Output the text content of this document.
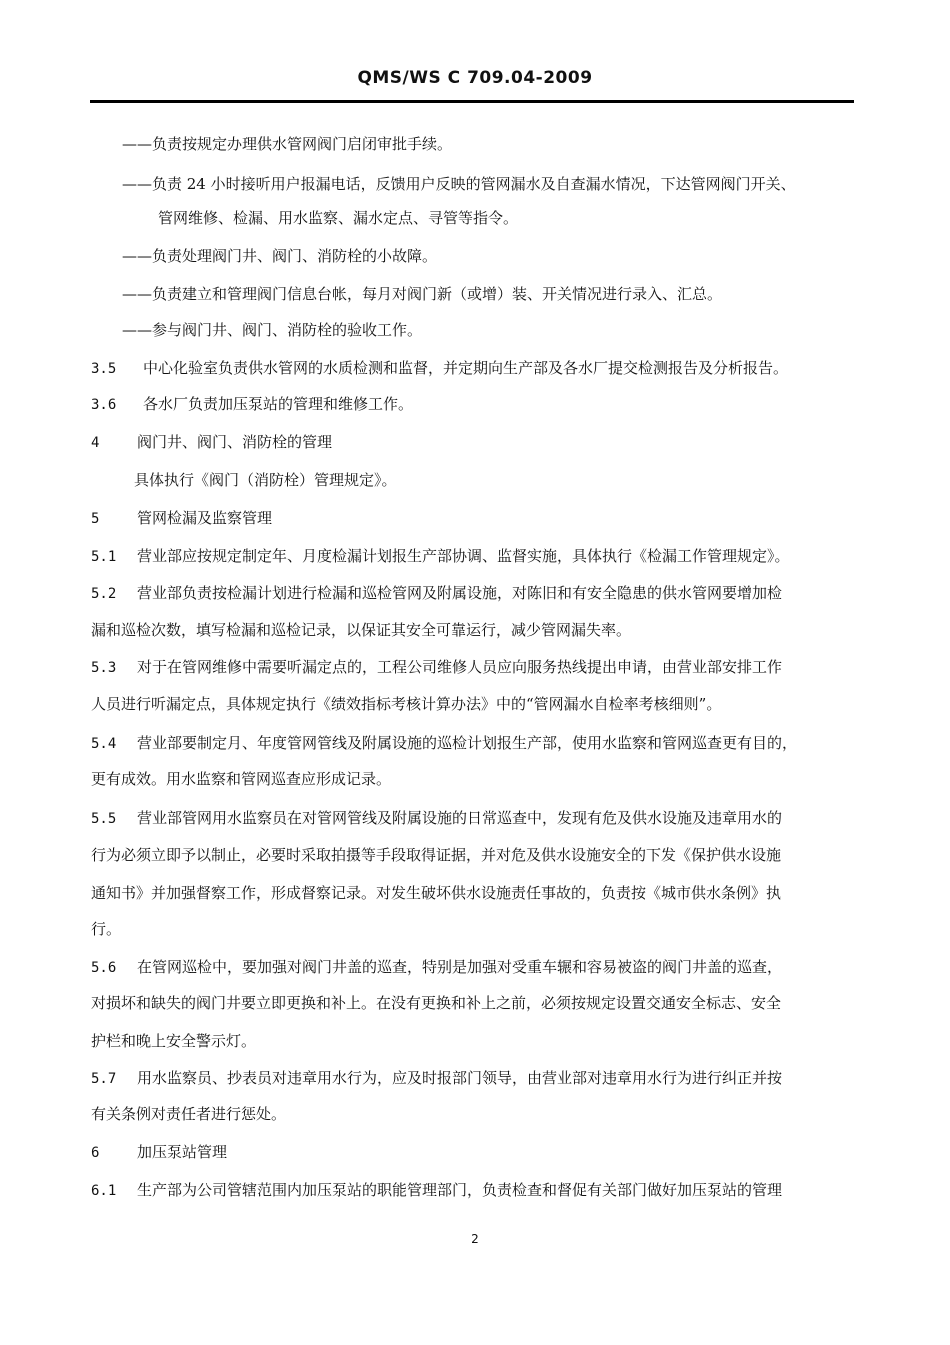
QMS/WS C 709.04-2009
——负责按规定办理供水管网阀门启闭审批手续。
——负责 24 小时接听用户报漏电话，反馈用户反映的管网漏水及自查漏水情况，下达管网阀门开关、
管网维修、检漏、用水监察、漏水定点、寻管等指令。
——负责处理阀门井、阀门、消防栓的小故障。
——负责建立和管理阀门信息台帐，每月对阀门新（或增）装、开关情况进行录入、汇总。
——参与阀门井、阀门、消防栓的验收工作。
3.5 中心化验室负责供水管网的水质检测和监督，并定期向生产部及各水厂提交检测报告及分析报告。
3.6 各水厂负责加压泵站的管理和维修工作。
4	阀门井、阀门、消防栓的管理
具体执行《阀门（消防栓）管理规定》。
5	管网检漏及监察管理
5.1 营业部应按规定制定年、月度检漏计划报生产部协调、监督实施，具体执行《检漏工作管理规定》。
5.2 营业部负责按检漏计划进行检漏和巡检管网及附属设施，对陈旧和有安全隐患的供水管网要增加检
漏和巡检次数，填写检漏和巡检记录，以保证其安全可靠运行，减少管网漏失率。
5.3 对于在管网维修中需要听漏定点的，工程公司维修人员应向服务热线提出申请，由营业部安排工作
人员进行听漏定点，具体规定执行《绩效指标考核计算办法》中的“管网漏水自检率考核细则”。
5.4 营业部要制定月、年度管网管线及附属设施的巡检计划报生产部，使用水监察和管网巡查更有目的，
更有成效。用水监察和管网巡查应形成记录。
5.5 营业部管网用水监察员在对管网管线及附属设施的日常巡查中，发现有危及供水设施及违章用水的
行为必须立即予以制止，必要时采取拍摄等手段取得证据，并对危及供水设施安全的下发《保护供水设施
通知书》并加强督察工作，形成督察记录。对发生破坏供水设施责任事故的，负责按《城市供水条例》执
行。
5.6 在管网巡检中，要加强对阀门井盖的巡查，特别是加强对受重车辗和容易被盗的阀门井盖的巡查，
对损坏和缺失的阀门井要立即更换和补上。在没有更换和补上之前，必须按规定设置交通安全标志、安全
护栏和晚上安全警示灯。
5.7 用水监察员、抄表员对违章用水行为，应及时报部门领导，由营业部对违章用水行为进行纠正并按
有关条例对责任者进行惩处。
6	加压泵站管理
6.1 生产部为公司管辖范围内加压泵站的职能管理部门，负责检查和督促有关部门做好加压泵站的管理
2
